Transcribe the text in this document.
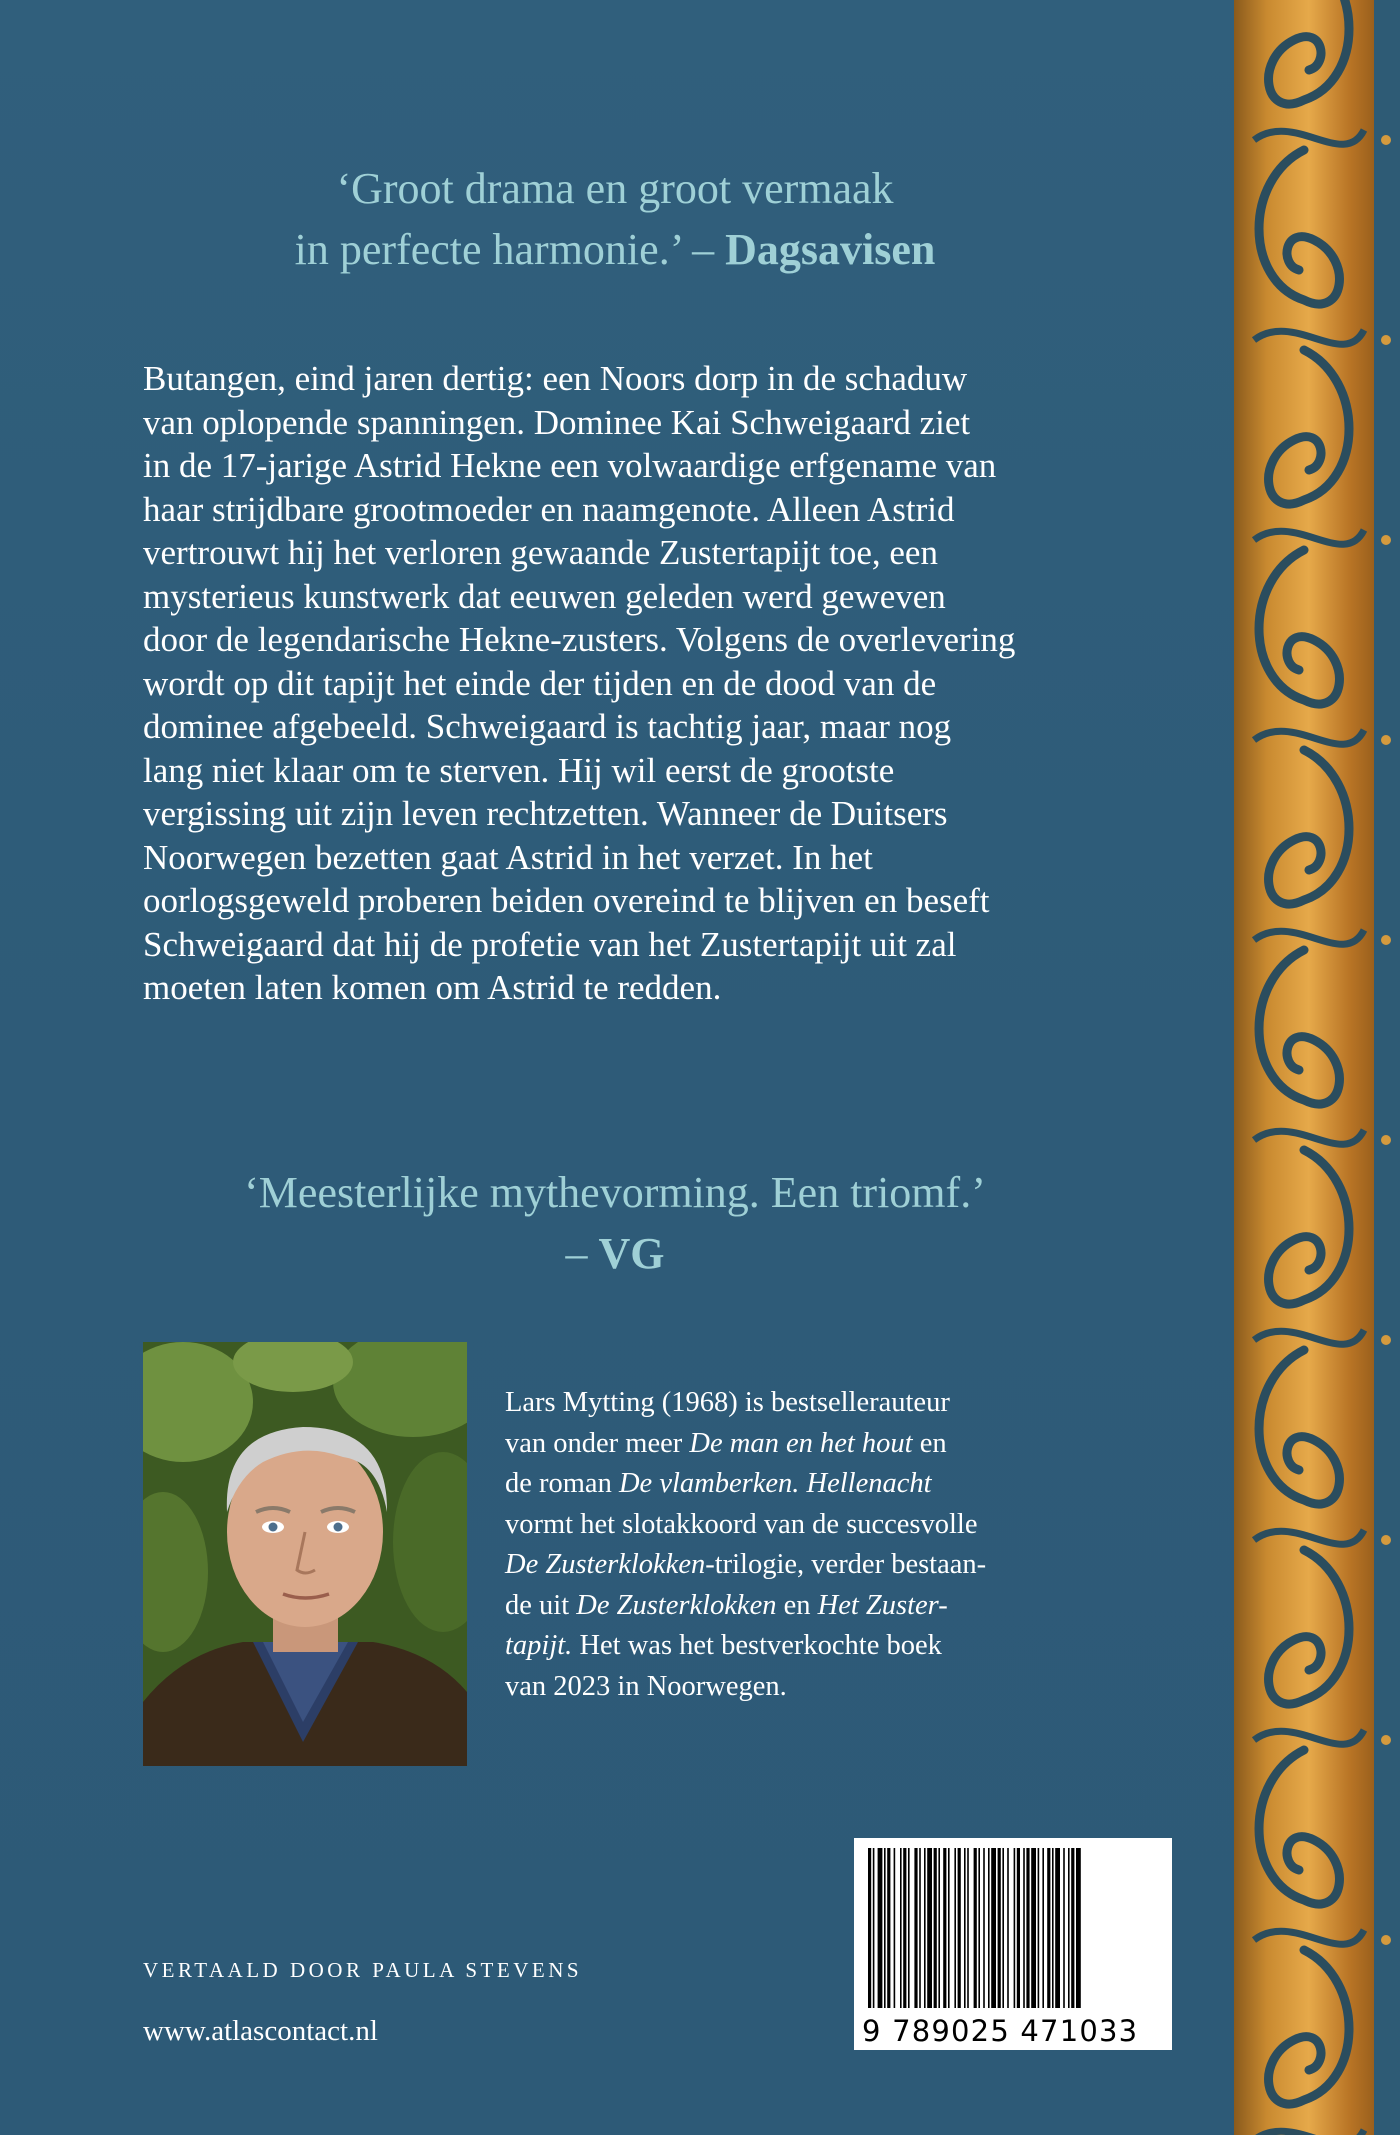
‘Groot drama en groot vermaak
in perfecte harmonie.’ – Dagsavisen
Butangen, eind jaren dertig: een Noors dorp in de schaduw
van oplopende spanningen. Dominee Kai Schweigaard ziet
in de 17-jarige Astrid Hekne een volwaardige erfgename van
haar strijdbare grootmoeder en naamgenote. Alleen Astrid
vertrouwt hij het verloren gewaande Zustertapijt toe, een
mysterieus kunstwerk dat eeuwen geleden werd geweven
door de legendarische Hekne-zusters. Volgens de overlevering
wordt op dit tapijt het einde der tijden en de dood van de
dominee afgebeeld. Schweigaard is tachtig jaar, maar nog
lang niet klaar om te sterven. Hij wil eerst de grootste
vergissing uit zijn leven rechtzetten. Wanneer de Duitsers
Noorwegen bezetten gaat Astrid in het verzet. In het
oorlogsgeweld proberen beiden overeind te blijven en beseft
Schweigaard dat hij de profetie van het Zustertapijt uit zal
moeten laten komen om Astrid te redden.
‘Meesterlijke mythevorming. Een triomf.’
– VG
Lars Mytting (1968) is bestsellerauteur
van onder meer De man en het hout en
de roman De vlamberken. Hellenacht
vormt het slotakkoord van de succesvolle
De Zusterklokken-trilogie, verder bestaan-
de uit De Zusterklokken en Het Zuster-
tapijt. Het was het bestverkochte boek
van 2023 in Noorwegen.
VERTAALD DOOR PAULA STEVENS
www.atlascontact.nl	9 789025 471033
